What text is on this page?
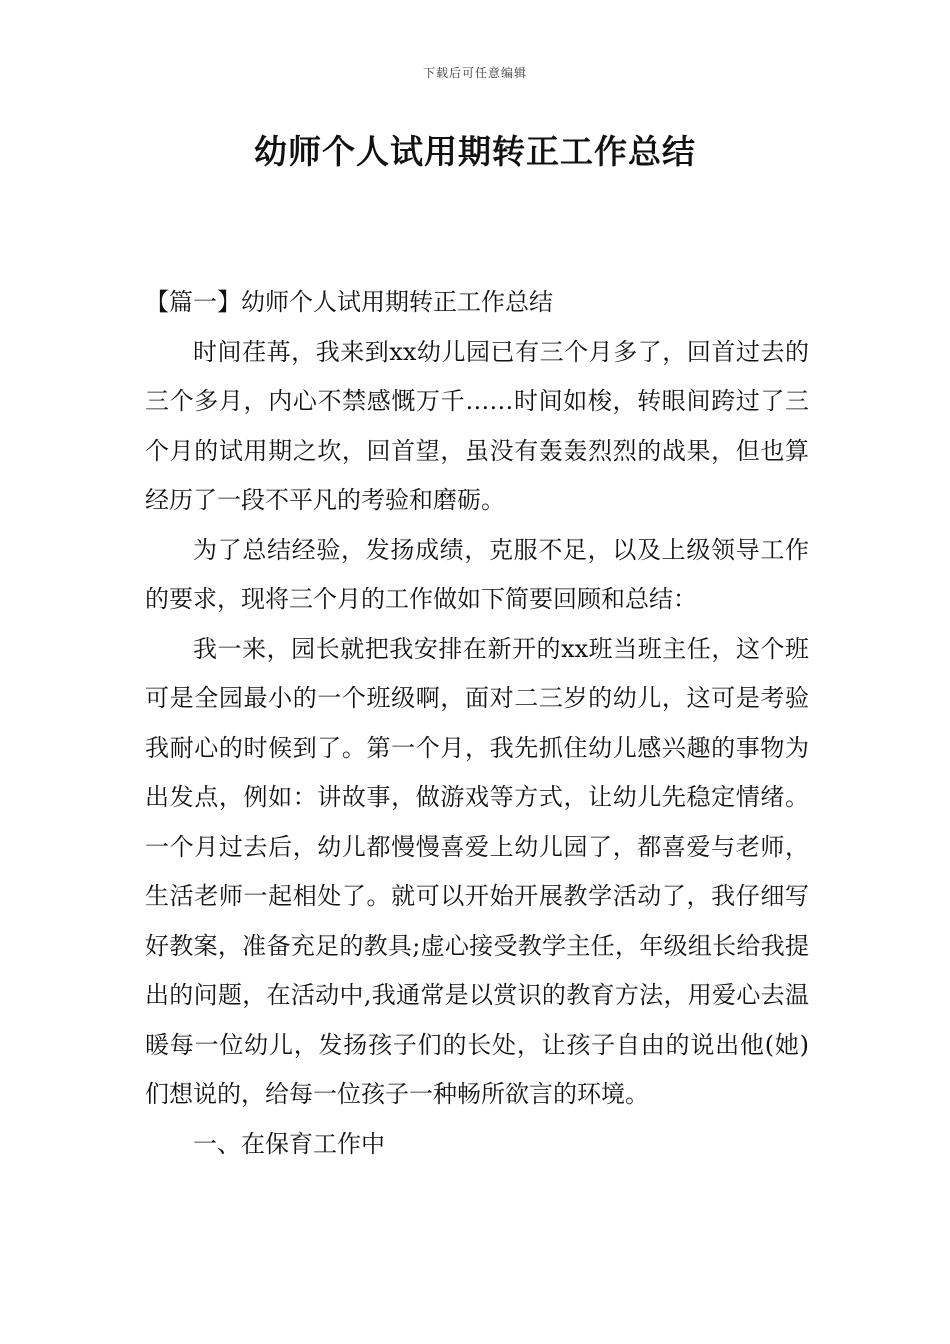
下载后可任意编辑
幼师个人试用期转正工作总结

【篇一】幼师个人试用期转正工作总结

时间荏苒，我来到xx幼儿园已有三个月多了，回首过去的三个多月，内心不禁感慨万千……时间如梭，转眼间跨过了三个月的试用期之坎，回首望，虽没有轰轰烈烈的战果，但也算经历了一段不平凡的考验和磨砺。

为了总结经验，发扬成绩，克服不足，以及上级领导工作的要求，现将三个月的工作做如下简要回顾和总结：

我一来，园长就把我安排在新开的xx班当班主任，这个班可是全园最小的一个班级啊，面对二三岁的幼儿，这可是考验我耐心的时候到了。第一个月，我先抓住幼儿感兴趣的事物为出发点，例如：讲故事，做游戏等方式，让幼儿先稳定情绪。一个月过去后，幼儿都慢慢喜爱上幼儿园了，都喜爱与老师，生活老师一起相处了。就可以开始开展教学活动了，我仔细写好教案，准备充足的教具;虚心接受教学主任，年级组长给我提出的问题，在活动中,我通常是以赏识的教育方法，用爱心去温暖每一位幼儿，发扬孩子们的长处，让孩子自由的说出他(她)们想说的，给每一位孩子一种畅所欲言的环境。

一、在保育工作中
